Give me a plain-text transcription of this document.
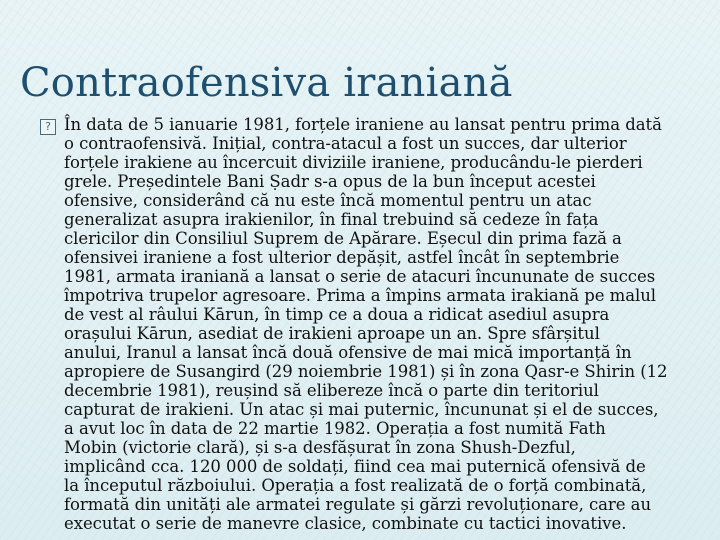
Contraofensiva iraniană
? În data de 5 ianuarie 1981, forțele iraniene au lansat pentru prima dată
o contraofensivă. Inițial, contra-atacul a fost un succes, dar ulterior
forțele irakiene au încercuit diviziile iraniene, producându-le pierderi
grele. Președintele Bani Ṣadr s-a opus de la bun început acestei
ofensive, considerând că nu este încă momentul pentru un atac
generalizat asupra irakienilor, în final trebuind să cedeze în fața
clericilor din Consiliul Suprem de Apărare. Eșecul din prima fază a
ofensivei iraniene a fost ulterior depășit, astfel încât în septembrie
1981, armata iraniană a lansat o serie de atacuri încununate de succes
împotriva trupelor agresoare. Prima a împins armata irakiană pe malul
de vest al râului Kārun, în timp ce a doua a ridicat asediul asupra
orașului Kārun, asediat de irakieni aproape un an. Spre sfârșitul
anului, Iranul a lansat încă două ofensive de mai mică importanță în
apropiere de Susangird (29 noiembrie 1981) și în zona Qasr-e Shirin (12
decembrie 1981), reușind să elibereze încă o parte din teritoriul
capturat de irakieni. Un atac și mai puternic, încununat și el de succes,
a avut loc în data de 22 martie 1982. Operația a fost numită Fath
Mobin (victorie clară), și s-a desfășurat în zona Shush-Dezful,
implicând cca. 120 000 de soldați, fiind cea mai puternică ofensivă de
la începutul războiului. Operația a fost realizată de o forță combinată,
formată din unități ale armatei regulate și gărzi revoluționare, care au
executat o serie de manevre clasice, combinate cu tactici inovative.
